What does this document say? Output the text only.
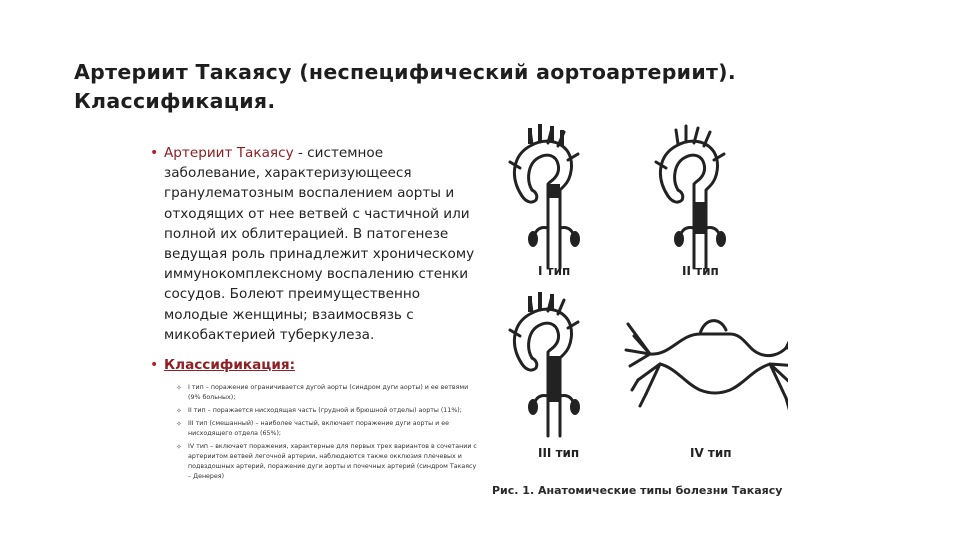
Артериит Такаясу (неспецифический аортоартериит).
Классификация.
• Артериит Такаясу - системное заболевание, характеризующееся гранулематозным воспалением аорты и отходящих от нее ветвей с частичной или полной их облитерацией. В патогенезе ведущая роль принадлежит хроническому иммунокомплексному воспалению стенки сосудов. Болеют преимущественно молодые женщины; взаимосвязь с микобактерией туберкулеза.
• Классификация:
✧ I тип – поражение ограничивается дугой аорты (синдром дуги аорты) и ее ветвями (9% больных);
✧ II тип – поражается нисходящая часть (грудной и брюшной отделы) аорты (11%);
✧ III тип (смешанный) – наиболее частый, включает поражение дуги аорты и ее нисходящего отдела (65%);
✧ IV тип – включает поражения, характерные для первых трех вариантов в сочетании с артериитом ветвей легочной артерии, наблюдаются также окклюзия плечевых и подвздошных артерий, поражение дуги аорты и почечных артерий (синдром Такаясу – Денерея)
I тип	II тип
III тип	IV тип
Рис. 1. Анатомические типы болезни Такаясу
